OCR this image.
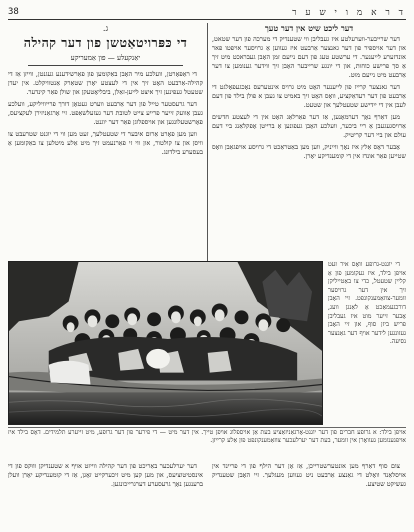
38	ד ר א מ ו י ש ע ר
דער ליכט שיט אין דער טעך

דער שרייבער-ווערעלטע איז געבליבן ווי שטענדיק די מערכה פון דער שטאט, און דער אויספיר פון דער גאנצער אַרבעט איז געווען אַ גרויסער אויפטו פאר אונדזערע לייענער. די ערשטע טעג פון דעם נייעם זמן האָבן געבראכט מיט זיך אַ סך פרישע כוחות, און די יונגע שרייבער האָבן זיך ווידער גענומען צו דער אַרבעט מיט נייעם מוט.

דער גאנצער קרייז פון לייענער האָט מיט גרויס אינטערעס נאָכגעפאָלגט די אַרבעט פון דער רעדאַקציע, וואָס האָט זיך באמיט צו געבן א פולן בילד פון דעם לעבן אין די ייִדישע שטעטלעך און שטעט.

מען דאַרף נאָך דערמאָנען, אַז דער פאַרלאַג האָט אין די לעצטע חדשים אַרויסגעגעבן אַ ריי ביכער, וועלכע האָבן געפונען אַ ברייטן אָפקלאַנג ביי דעם עולם און ביי דער קריטיק.

אָבער דאָס אַלץ איז נאָך ווייניק, ווען מען באַטראַכט די גרויסע אויפגאַבן וואָס שטייען פאַר אונדז אין די קומענדיקע יאָרן.

ג.
די כּפּרויטאַטשן פון דער קהילה
יאַנקעלע — פון אַמעריקע

די ראַפּאָרטן, וועלכע מיר האָבן באַקומען פון פאַרשידענע געגנטן, ווייזן אַז די קהילה-אַרבעט האָט זיך אין די לעצטע יאָרן שטאַרק אַנטוויקלט. אין יעדן שטעטל געפינען זיך איצט לייען-זאַלן, ביבליאָטעקן און שולן פאַר קינדער.

דער גרעסטער טייל פון דער אַרבעט ווערט געטאָן דורך פרייוויליקע, וועלכע געבן אַוועק זייער פרייע צייט לטובת דער געזעלשאַפט. זיי אָרגאַניזירן לעקציעס, פאָרשטעלונגען און אויספלוגן פאַר דער יוגנט.

ווען מען פאָרט אַרום איבער די שטעטלעך, זעט מען ווי די יוגנט שטרעבט צו וויסן און צו קולטור, און ווי זי פאַרנעמט זיך מיט אַלע מיטלען צו באַקומען אַ בעסערע בילדונג.

די יוגנט-גרופע וואָס איר זעט אויפן בילד, איז געקומען פון אַ קליין שטעטל, כדי צו באַטייליקן זיך אין דער גרויסער זומער-צוזאַמענקונפט. זיי האָבן דורכגעמאַכט אַ לאַנגן וועג, אָבער זייער מוט איז געבליבן פריש ביזן סוף, און זיי האָבן געזונגען לידער אויף דער גאַנצער נסיעה.

אויפן בילד: א גרופע חברים פון דער יוגנט-אָרגאַניזאַציע בעת אַן אויספלוג אויפן טייך. אין דער מיט — די פירער פון דער גרופע, מיט זייערע תלמידים. דאָס בילד איז אויפגענומען געוואָרן אין זומער, בעת דער יערלעכער צוזאַמענקונפט פון אַלע קרייזן.

דער יערלעכער באַריכט פון דער קהילה ווייזט אויף א שטענדיקן וווּקס פון די אינסטיטוציעס, און מען קען מיט זיכערקייט זאָגן, אַז די קומענדיקע יאָרן וועלן ברענגען נאָך גרעסערע דערגרייכונגען.

צום סוף דאַרף מען אונטערשטרייכן, אַז אָן דער הילף פון די פריינד אין אויסלאַנד וואָלט די גאַנצע אַרבעט ניט געווען מעגלעך. זיי האָבן שטענדיק געשיקט שטיצע.
